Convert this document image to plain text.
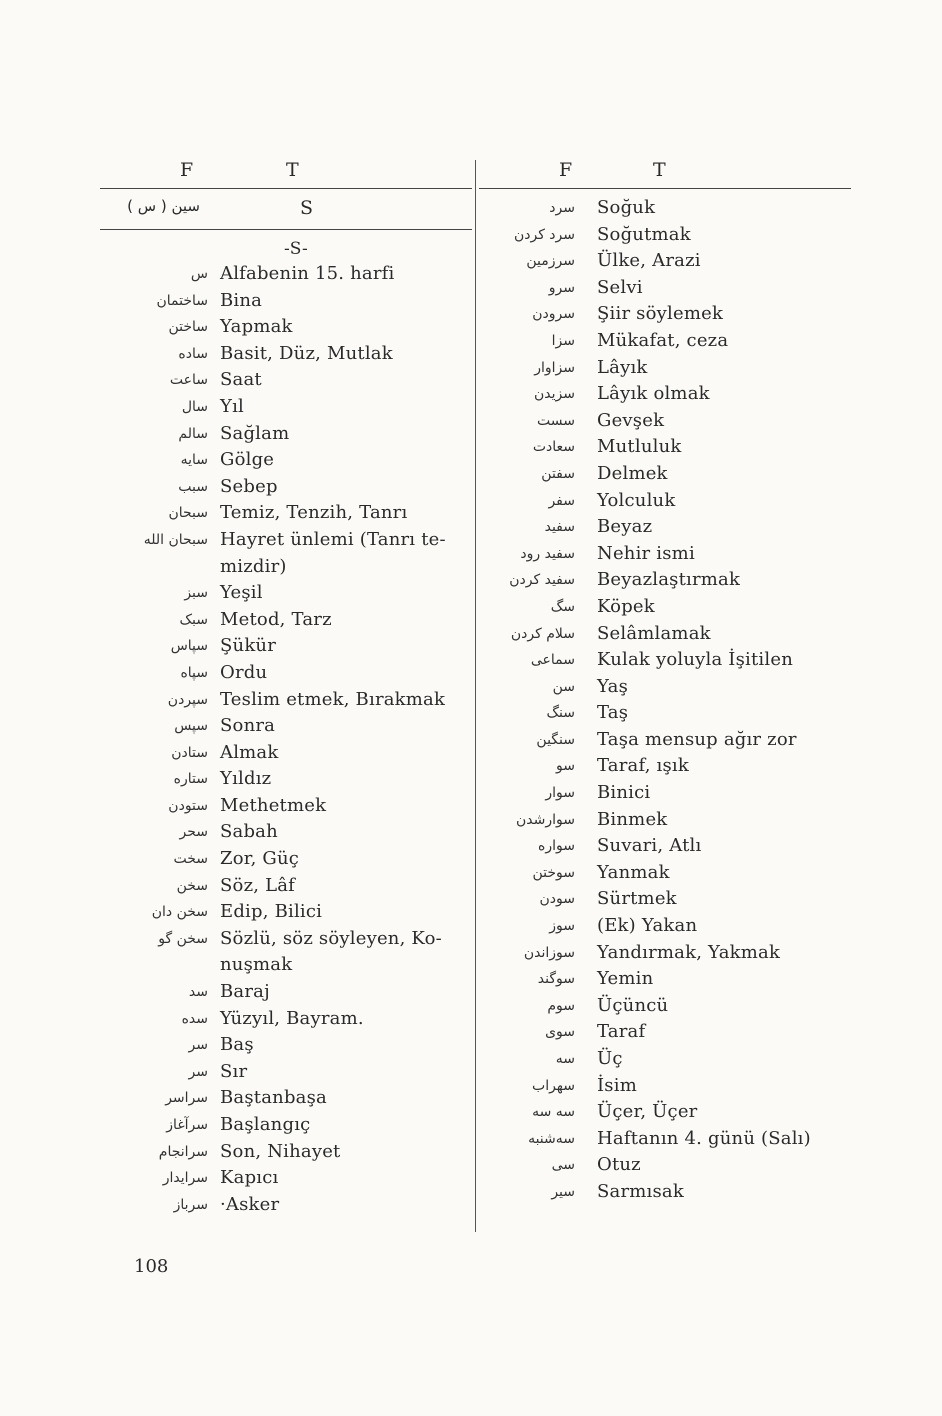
F	T
( س ) سین	S
-S-
س Alfabenin 15. harfi
ساختمان Bina
ساختن Yapmak
ساده Basit, Düz, Mutlak
ساعت Saat
سال Yıl
سالم Sağlam
سایه Gölge
سبب Sebep
سبحان Temiz, Tenzih, Tanrı
سبحان الله Hayret ünlemi (Tanrı te-
mizdir)
سبز Yeşil
سبک Metod, Tarz
سپاس Şükür
سپاه Ordu
سپردن Teslim etmek, Bırakmak
سپس Sonra
ستادن Almak
ستاره Yıldız
ستودن Methetmek
سحر Sabah
سخت Zor, Güç
سخن Söz, Lâf
سخن دان Edip, Bilici
سخن گو Sözlü, söz söyleyen, Ko-
nuşmak
سد Baraj
سده Yüzyıl, Bayram.
سر Baş
سر Sır
سراسر Baştanbaşa
سرآغاز Başlangıç
سرانجام Son, Nihayet
سرایدار Kapıcı
سرباز ·Asker
F	T
سرد Soğuk
سرد کردن Soğutmak
سرزمین Ülke, Arazi
سرو Selvi
سرودن Şiir söylemek
سزا Mükafat, ceza
سزاوار Lâyık
سزیدن Lâyık olmak
سست Gevşek
سعادت Mutluluk
سفتن Delmek
سفر Yolculuk
سفید Beyaz
سفید رود Nehir ismi
سفید کردن Beyazlaştırmak
سگ Köpek
سلام کردن Selâmlamak
سماعی Kulak yoluyla İşitilen
سن Yaş
سنگ Taş
سنگین Taşa mensup ağır zor
سو Taraf, ışık
سوار Binici
سوارشدن Binmek
سواره Suvari, Atlı
سوختن Yanmak
سودن Sürtmek
سوز (Ek) Yakan
سوزاندن Yandırmak, Yakmak
سوگند Yemin
سوم Üçüncü
سوی Taraf
سه Üç
سهراب İsim
سه سه Üçer, Üçer
سه‌شنبه Haftanın 4. günü (Salı)
سی Otuz
سیر Sarmısak
108
